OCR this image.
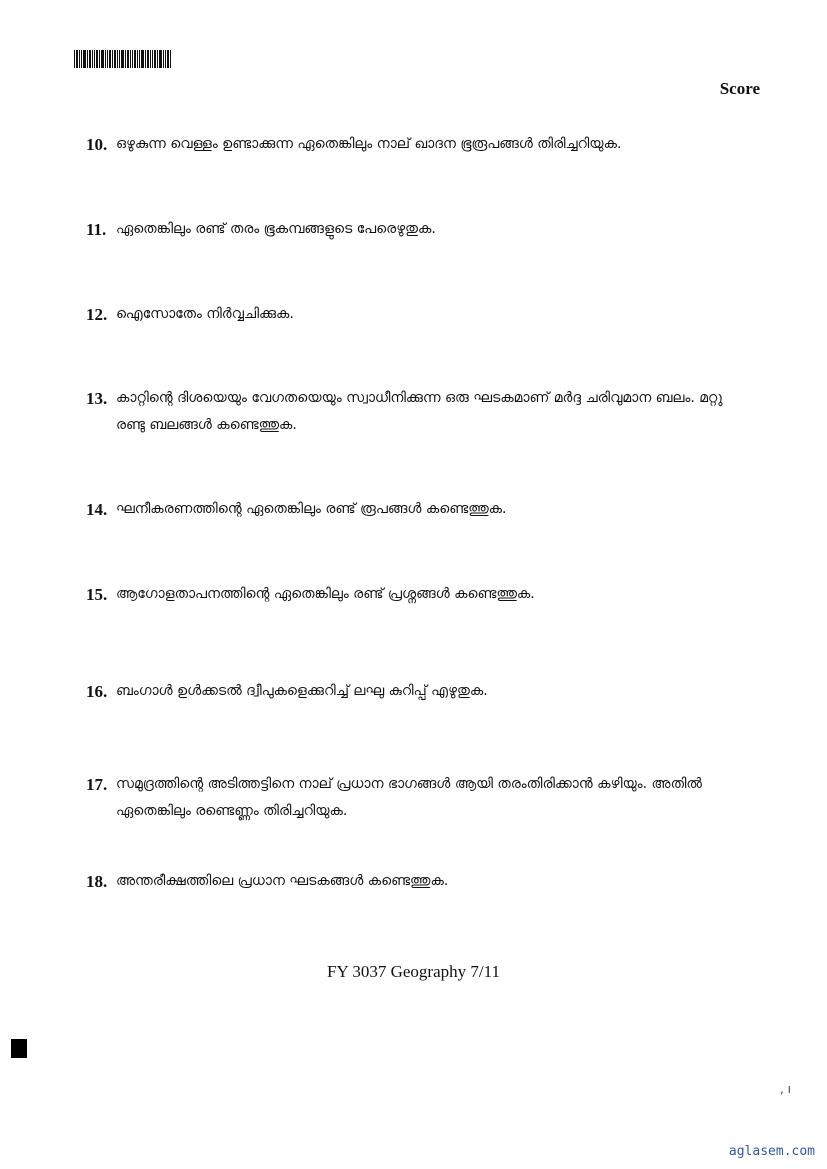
Score
10. ഒഴുകുന്ന വെള്ളം ഉണ്ടാക്കുന്ന ഏതെങ്കിലും നാല് ഖാദന ഭൂരൂപങ്ങൾ തിരിച്ചറിയുക.
11. ഏതെങ്കിലും രണ്ട് തരം ഭൂകമ്പങ്ങളുടെ പേരെഴുതുക.
12. ഐസോതേം നിർവ്വചിക്കുക.
13. കാറ്റിന്റെ ദിശയെയും വേഗതയെയും സ്വാധീനിക്കുന്ന ഒരു ഘടകമാണ് മർദ്ദ ചരിവുമാന ബലം. മറ്റു രണ്ടു ബലങ്ങൾ കണ്ടെത്തുക.
14. ഘനീകരണത്തിന്റെ ഏതെങ്കിലും രണ്ട് രൂപങ്ങൾ കണ്ടെത്തുക.
15. ആഗോളതാപനത്തിന്റെ ഏതെങ്കിലും രണ്ട് പ്രശ്നങ്ങൾ കണ്ടെത്തുക.
16. ബംഗാൾ ഉൾക്കടൽ ദ്വീപുകളെക്കുറിച്ച് ലഘു കുറിപ്പ് എഴുതുക.
17. സമുദ്രത്തിന്റെ അടിത്തട്ടിനെ നാല് പ്രധാന ഭാഗങ്ങൾ ആയി തരംതിരിക്കാൻ കഴിയും. അതിൽ ഏതെങ്കിലും രണ്ടെണ്ണം തിരിച്ചറിയുക.
18. അന്തരീക്ഷത്തിലെ പ്രധാന ഘടകങ്ങൾ കണ്ടെത്തുക.
FY 3037 Geography 7/11
, ı
aglasem.com
